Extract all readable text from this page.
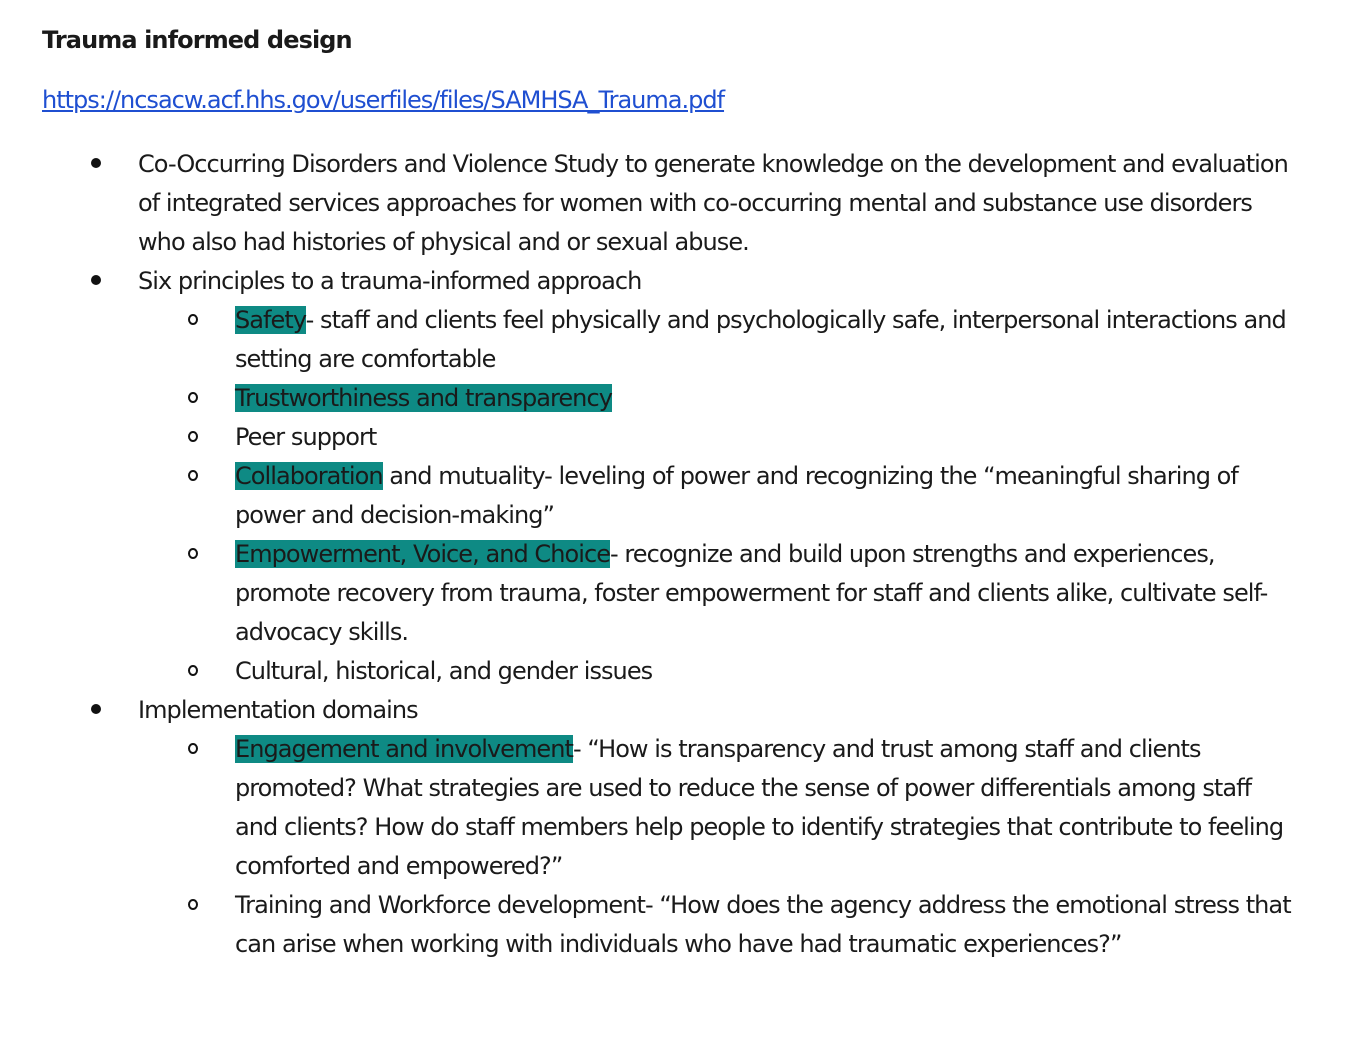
Trauma informed design
https://ncsacw.acf.hhs.gov/userfiles/files/SAMHSA_Trauma.pdf
Co-Occurring Disorders and Violence Study to generate knowledge on the development and evaluation of integrated services approaches for women with co-occurring mental and substance use disorders who also had histories of physical and or sexual abuse.
Six principles to a trauma-informed approach
Safety- staff and clients feel physically and psychologically safe, interpersonal interactions and setting are comfortable
Trustworthiness and transparency
Peer support
Collaboration and mutuality- leveling of power and recognizing the “meaningful sharing of power and decision-making”
Empowerment, Voice, and Choice- recognize and build upon strengths and experiences, promote recovery from trauma, foster empowerment for staff and clients alike, cultivate self-advocacy skills.
Cultural, historical, and gender issues
Implementation domains
Engagement and involvement- “How is transparency and trust among staff and clients promoted? What strategies are used to reduce the sense of power differentials among staff and clients? How do staff members help people to identify strategies that contribute to feeling comforted and empowered?”
Training and Workforce development- “How does the agency address the emotional stress that can arise when working with individuals who have had traumatic experiences?”
